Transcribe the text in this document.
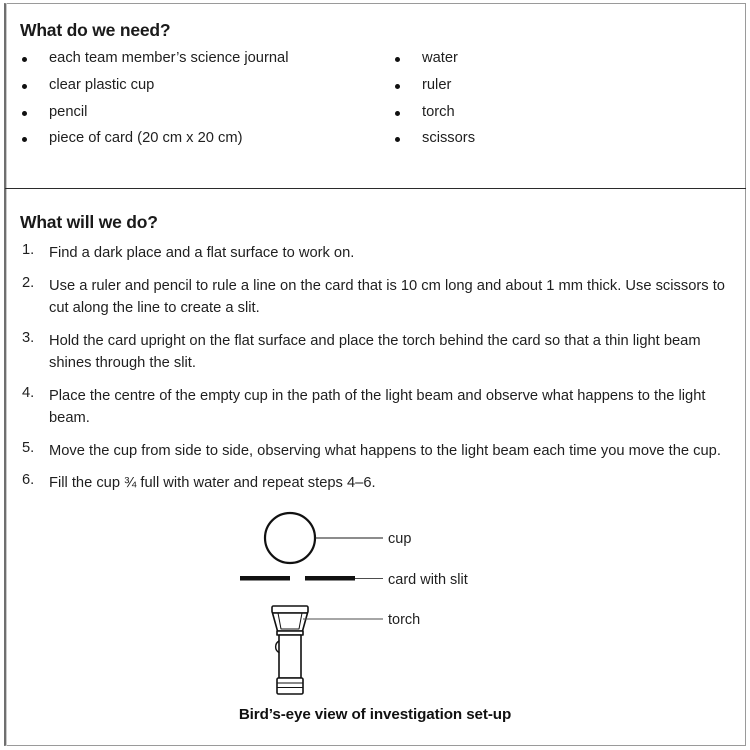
What do we need?
each team member’s science journal
clear plastic cup
pencil
piece of card (20 cm x 20 cm)
water
ruler
torch
scissors
What will we do?
1.	Find a dark place and a flat surface to work on.
2.	Use a ruler and pencil to rule a line on the card that is 10 cm long and about 1 mm thick. Use scissors to cut along the line to create a slit.
3.	Hold the card upright on the flat surface and place the torch behind the card so that a thin light beam shines through the slit.
4.	Place the centre of the empty cup in the path of the light beam and observe what happens to the light beam.
5.	Move the cup from side to side, observing what happens to the light beam each time you move the cup.
6.	Fill the cup ¾ full with water and repeat steps 4–6.
cup
card with slit
torch
Bird’s-eye view of investigation set-up
